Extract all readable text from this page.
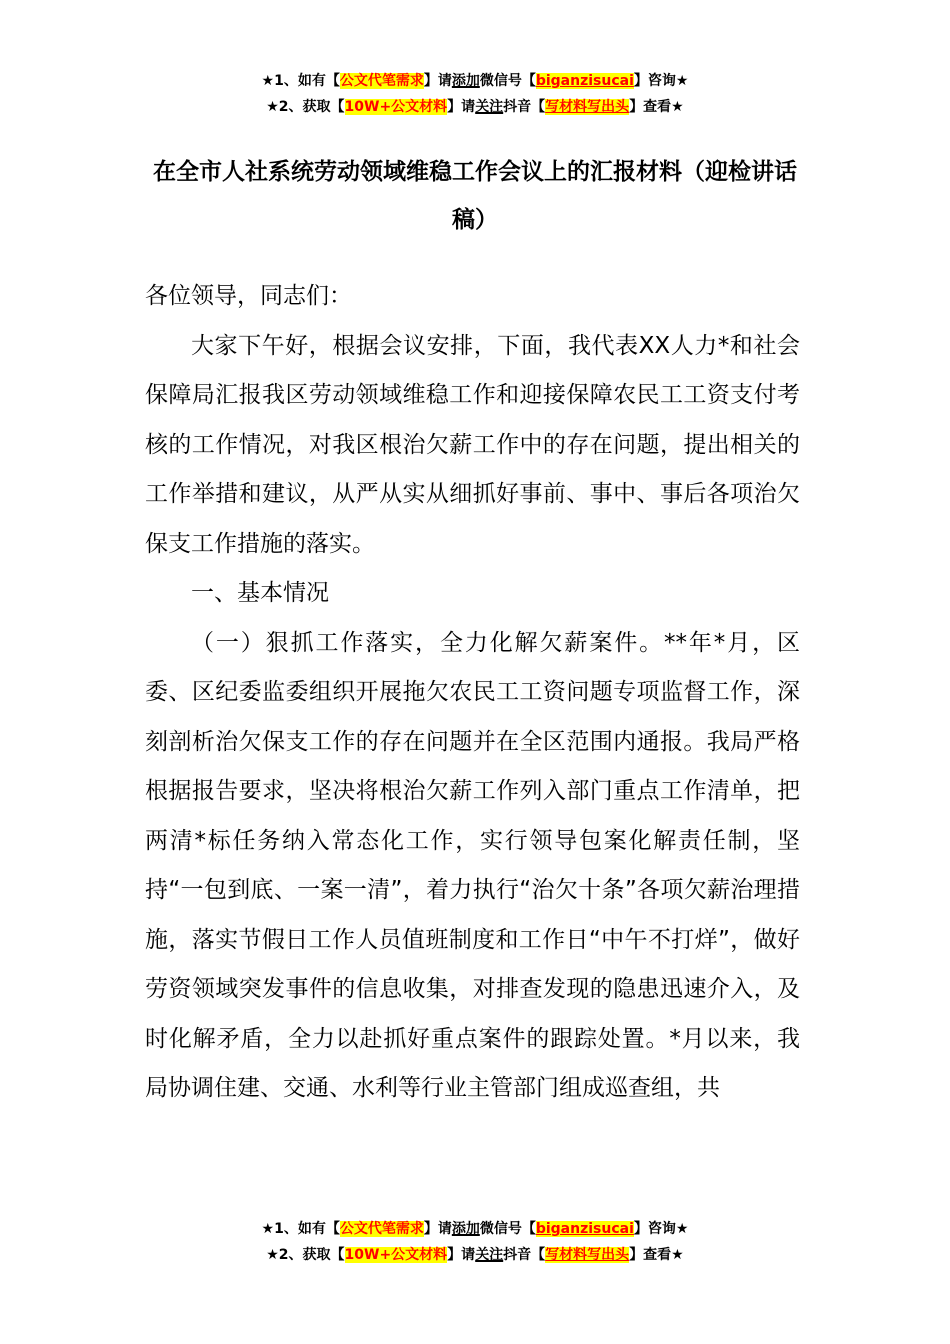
★1、如有【公文代笔需求】请添加微信号【biganzisucai】咨询★
★2、获取【10W+公文材料】请关注抖音【写材料写出头】查看★
在全市人社系统劳动领域维稳工作会议上的汇报材料（迎检讲话稿）

各位领导，同志们：

大家下午好，根据会议安排，下面，我代表XX人力*和社会保障局汇报我区劳动领域维稳工作和迎接保障农民工工资支付考核的工作情况，对我区根治欠薪工作中的存在问题，提出相关的工作举措和建议，从严从实从细抓好事前、事中、事后各项治欠保支工作措施的落实。

一、基本情况

（一）狠抓工作落实，全力化解欠薪案件。**年*月，区委、区纪委监委组织开展拖欠农民工工资问题专项监督工作，深刻剖析治欠保支工作的存在问题并在全区范围内通报。我局严格根据报告要求，坚决将根治欠薪工作列入部门重点工作清单，把两清*标任务纳入常态化工作，实行领导包案化解责任制，坚持“一包到底、一案一清”，着力执行“治欠十条”各项欠薪治理措施，落实节假日工作人员值班制度和工作日“中午不打烊”，做好劳资领域突发事件的信息收集，对排查发现的隐患迅速介入，及时化解矛盾，全力以赴抓好重点案件的跟踪处置。*月以来，我局协调住建、交通、水利等行业主管部门组成巡查组，共

★1、如有【公文代笔需求】请添加微信号【biganzisucai】咨询★
★2、获取【10W+公文材料】请关注抖音【写材料写出头】查看★
